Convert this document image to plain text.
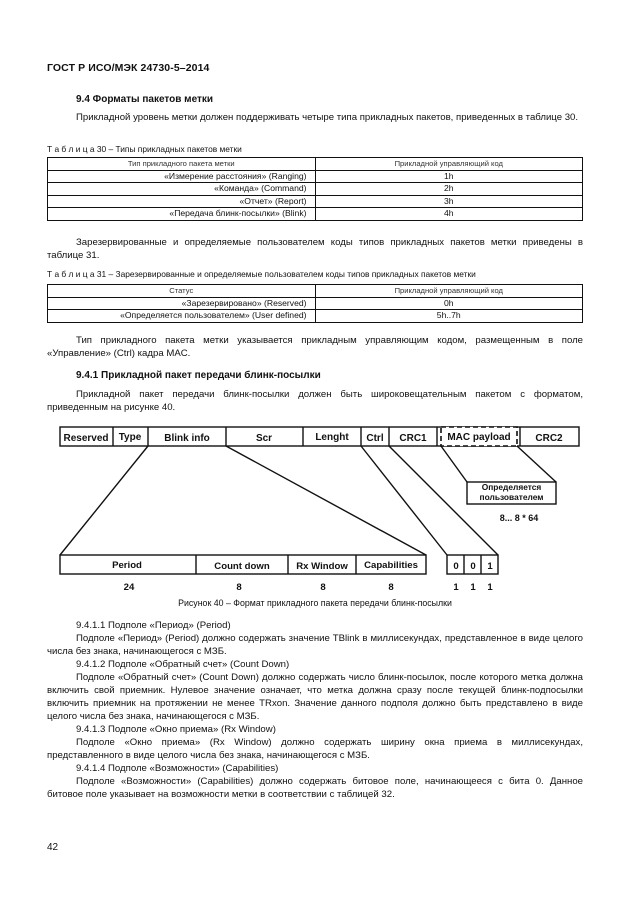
ГОСТ Р ИСО/МЭК 24730-5–2014
9.4 Форматы пакетов метки
Прикладной уровень метки должен поддерживать четыре типа прикладных пакетов, приведенных в таблице 30.
Т а б л и ц а 30 – Типы прикладных пакетов метки
Тип прикладного пакета метки	Прикладной управляющий код
«Измерение расстояния» (Ranging)	1h
«Команда» (Command)	2h
«Отчет» (Report)	3h
«Передача блинк-посылки» (Blink)	4h
Зарезервированные и определяемые пользователем коды типов прикладных пакетов метки приведены в таблице 31.
Т а б л и ц а 31 – Зарезервированные и определяемые пользователем коды типов прикладных пакетов метки
Статус	Прикладной управляющий код
«Зарезервировано» (Reserved)	0h
«Определяется пользователем» (User defined)	5h..7h
Тип прикладного пакета метки указывается прикладным управляющим кодом, размещенным в поле «Управление» (Ctrl) кадра MAC.
9.4.1 Прикладной пакет передачи блинк-посылки
Прикладной пакет передачи блинк-посылки должен быть широковещательным пакетом с форматом, приведенным на рисунке 40.
Reserved Type Blink info	Scr	Lenght Ctrl CRC1 MAC payload CRC2
Определяется пользователем
8... 8 * 64
Period	Count down	Rx Window Capabilities	0 0 1
24	8	8	8	1 1 1
Рисунок 40 – Формат прикладного пакета передачи блинк-посылки
9.4.1.1 Подполе «Период» (Period)
Подполе «Период» (Period) должно содержать значение TBlink в миллисекундах, представленное в виде целого числа без знака, начинающегося с МЗБ.
9.4.1.2 Подполе «Обратный счет» (Count Down)
Подполе «Обратный счет» (Count Down) должно содержать число блинк-посылок, после которого метка должна включить свой приемник. Нулевое значение означает, что метка должна сразу после текущей блинк-подпосылки включить приемник на протяжении не менее TRxon. Значение данного подполя должно быть представлено в виде целого числа без знака, начинающегося с МЗБ.
9.4.1.3 Подполе «Окно приема» (Rx Window)
Подполе «Окно приема» (Rx Window) должно содержать ширину окна приема в миллисекундах, представленного в виде целого числа без знака, начинающегося с МЗБ.
9.4.1.4 Подполе «Возможности» (Capabilities)
Подполе «Возможности» (Capabilities) должно содержать битовое поле, начинающееся с бита 0. Данное битовое поле указывает на возможности метки в соответствии с таблицей 32.
42
